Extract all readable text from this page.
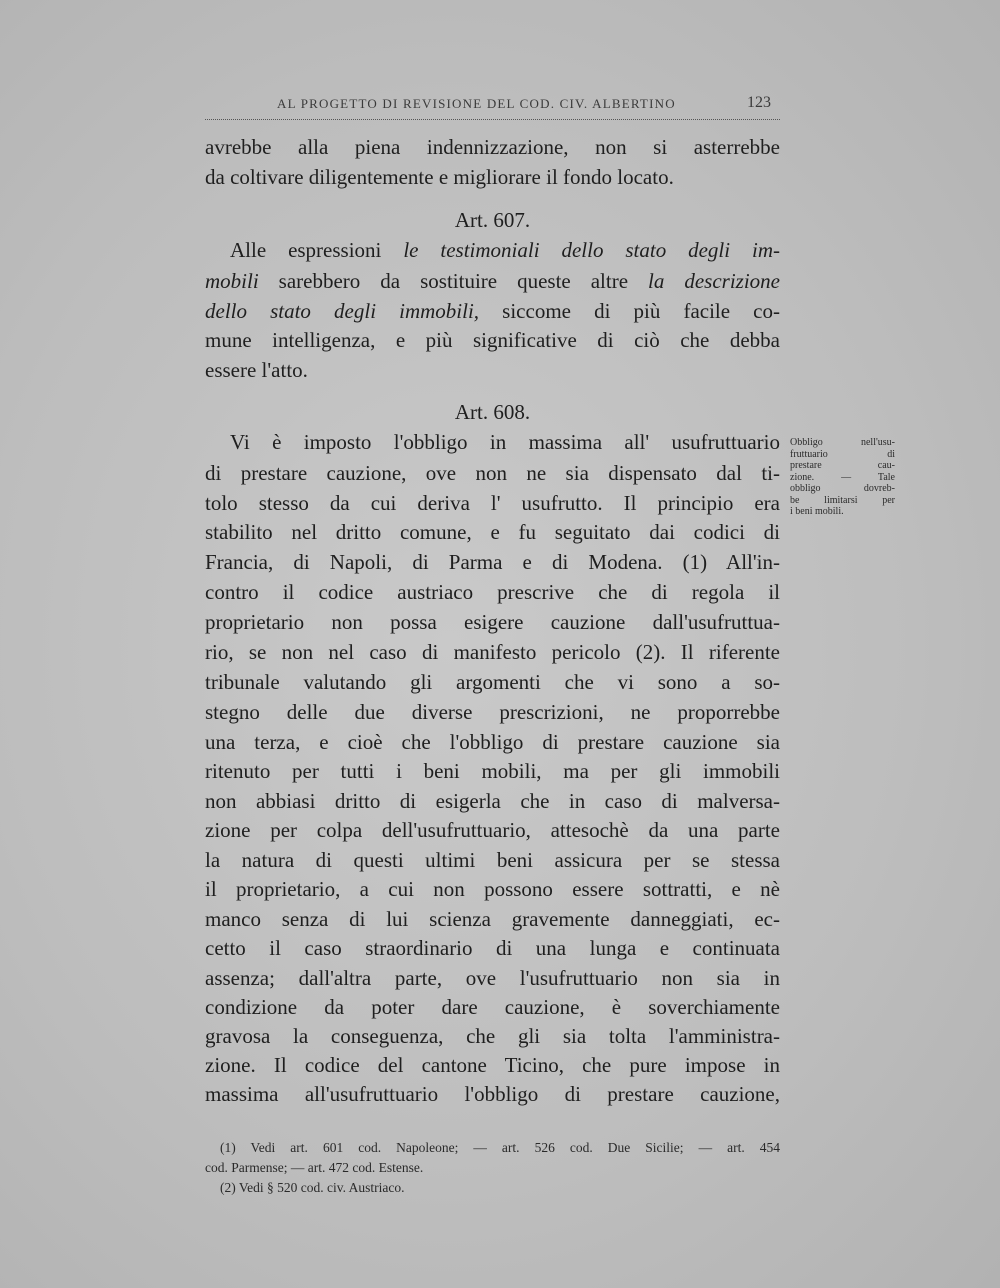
AL PROGETTO DI REVISIONE DEL COD. CIV. ALBERTINO	123
avrebbe alla piena indennizzazione, non si asterrebbe
da coltivare diligentemente e migliorare il fondo locato.
Art. 607.
Alle espressioni le testimoniali dello stato degli im-
mobili sarebbero da sostituire queste altre la descrizione
dello stato degli immobili, siccome di più facile co-
mune intelligenza, e più significative di ciò che debba
essere l'atto.
Art. 608.
Vi è imposto l'obbligo in massima all' usufruttuario
di prestare cauzione, ove non ne sia dispensato dal ti-
tolo stesso da cui deriva l' usufrutto. Il principio era
stabilito nel dritto comune, e fu seguitato dai codici di
Francia, di Napoli, di Parma e di Modena. (1) All'in-
contro il codice austriaco prescrive che di regola il
proprietario non possa esigere cauzione dall'usufruttua-
rio, se non nel caso di manifesto pericolo (2). Il riferente
tribunale valutando gli argomenti che vi sono a so-
stegno delle due diverse prescrizioni, ne proporrebbe
una terza, e cioè che l'obbligo di prestare cauzione sia
ritenuto per tutti i beni mobili, ma per gli immobili
non abbiasi dritto di esigerla che in caso di malversa-
zione per colpa dell'usufruttuario, attesochè da una parte
la natura di questi ultimi beni assicura per se stessa
il proprietario, a cui non possono essere sottratti, e nè
manco senza di lui scienza gravemente danneggiati, ec-
cetto il caso straordinario di una lunga e continuata
assenza; dall'altra parte, ove l'usufruttuario non sia in
condizione da poter dare cauzione, è soverchiamente
gravosa la conseguenza, che gli sia tolta l'amministra-
zione. Il codice del cantone Ticino, che pure impose in
massima all'usufruttuario l'obbligo di prestare cauzione,
Obbligo nell'usu-
fruttuario di
prestare cau-
zione. — Tale
obbligo dovreb-
be limitarsi per
i beni mobili.
(1) Vedi art. 601 cod. Napoleone; — art. 526 cod. Due Sicilie; — art. 454
cod. Parmense; — art. 472 cod. Estense.
(2) Vedi § 520 cod. civ. Austriaco.
